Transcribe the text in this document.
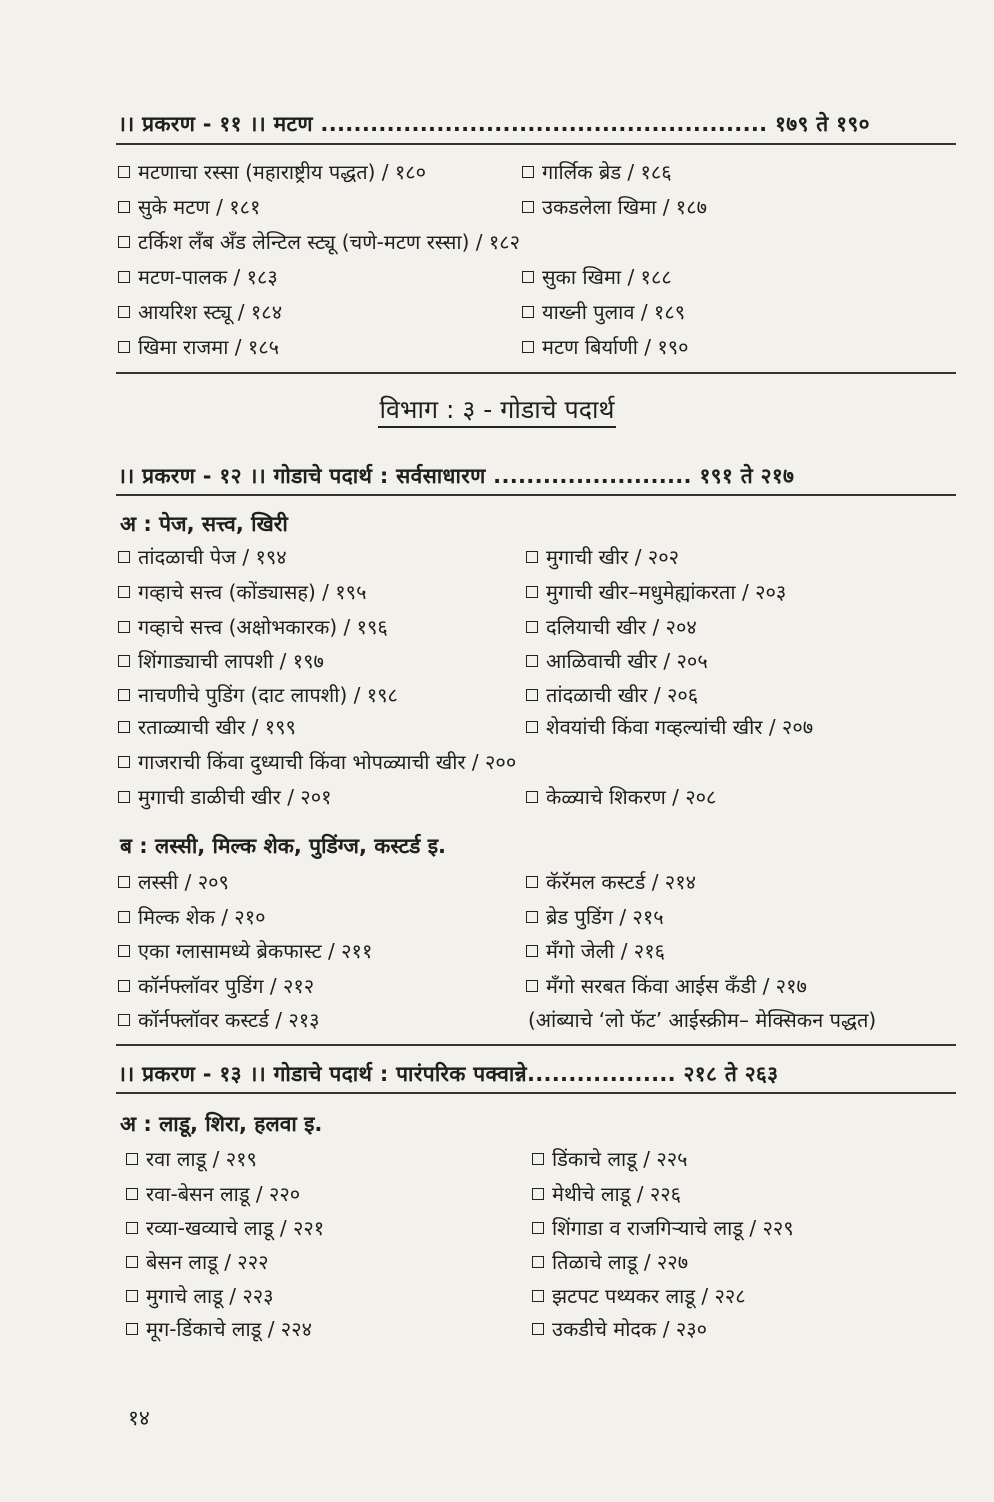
।। प्रकरण - ११ ।। मटण ...................................................... १७९ ते १९०
मटणाचा रस्सा (महाराष्ट्रीय पद्धत) / १८०
सुके मटण / १८१
टर्किश लँब अँड लेन्टिल स्ट्यू (चणे-मटण रस्सा) / १८२
मटण-पालक / १८३
आयरिश स्ट्यू / १८४
खिमा राजमा / १८५
गार्लिक ब्रेड / १८६
उकडलेला खिमा / १८७
सुका खिमा / १८८
याख्नी पुलाव / १८९
मटण बिर्याणी / १९०
विभाग : ३ - गोडाचे पदार्थ
।। प्रकरण - १२ ।। गोडाचे पदार्थ : सर्वसाधारण ........................ १९१ ते २१७
अ : पेज, सत्त्व, खिरी
तांदळाची पेज / १९४
गव्हाचे सत्त्व (कोंड्यासह) / १९५
गव्हाचे सत्त्व (अक्षोभकारक) / १९६
शिंगाड्याची लापशी / १९७
नाचणीचे पुडिंग (दाट लापशी) / १९८
रताळ्याची खीर / १९९
मुगाची खीर / २०२
मुगाची खीर–मधुमेह्यांकरता / २०३
दलियाची खीर / २०४
आळिवाची खीर / २०५
तांदळाची खीर / २०६
शेवयांची किंवा गव्हल्यांची खीर / २०७
गाजराची किंवा दुध्याची किंवा भोपळ्याची खीर / २००
मुगाची डाळीची खीर / २०१	केळ्याचे शिकरण / २०८
ब : लस्सी, मिल्क शेक, पुडिंग्ज, कस्टर्ड इ.
लस्सी / २०९
मिल्क शेक / २१०
एका ग्लासामध्ये ब्रेकफास्ट / २११
कॉर्नफ्लॉवर पुडिंग / २१२
कॉर्नफ्लॉवर कस्टर्ड / २१३
कॅरॅमल कस्टर्ड / २१४
ब्रेड पुडिंग / २१५
मँगो जेली / २१६
मँगो सरबत किंवा आईस कँडी / २१७
(आंब्याचे ‘लो फॅट’ आईस्क्रीम– मेक्सिकन पद्धत)
।। प्रकरण - १३ ।। गोडाचे पदार्थ : पारंपरिक पक्वान्ने.................. २१८ ते २६३
अ : लाडू, शिरा, हलवा इ.
रवा लाडू / २१९
रवा-बेसन लाडू / २२०
रव्या-खव्याचे लाडू / २२१
बेसन लाडू / २२२
मुगाचे लाडू / २२३
मूग-डिंकाचे लाडू / २२४
डिंकाचे लाडू / २२५
मेथीचे लाडू / २२६
शिंगाडा व राजगिऱ्याचे लाडू / २२९
तिळाचे लाडू / २२७
झटपट पथ्यकर लाडू / २२८
उकडीचे मोदक / २३०
१४
